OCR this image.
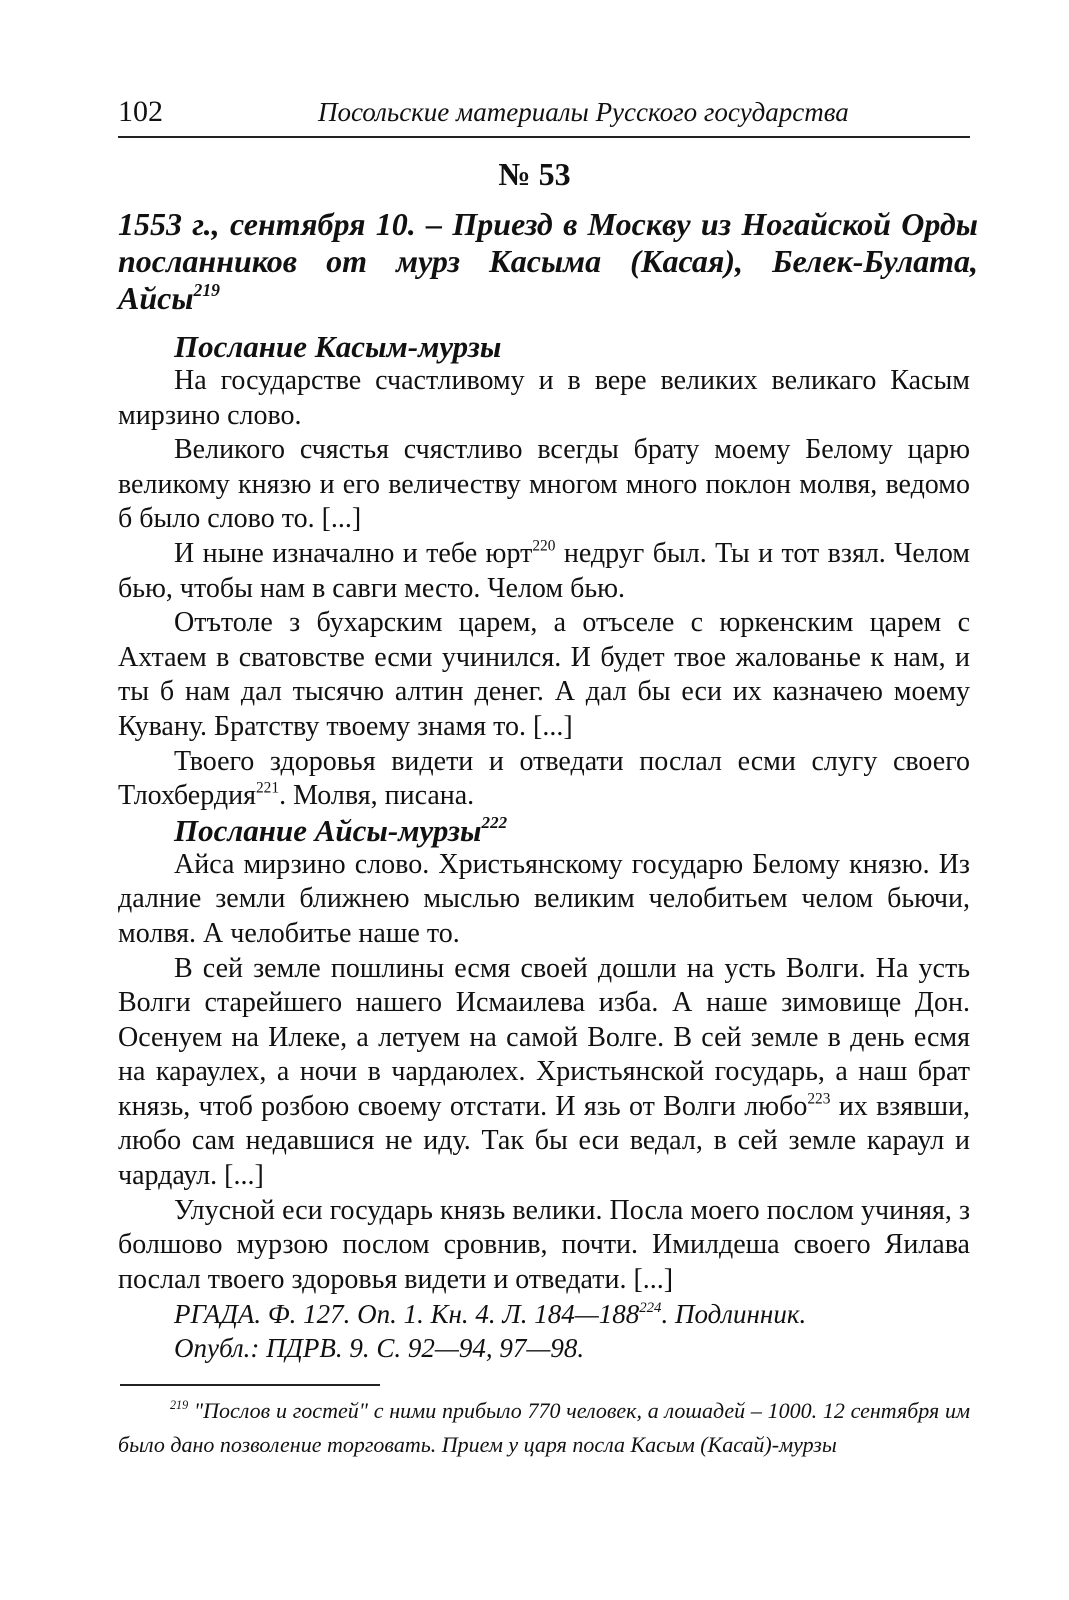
102	Посольские материалы Русского государства
№ 53
1553 г., сентября 10. – Приезд в Москву из Ногайской Орды посланников от мурз Касыма (Касая), Белек-Булата, Айсы$^{219}$
Послание Касым-мурзы

На государстве счастливому и в вере великих великаго Касым мирзино слово.

Великого счястья счястливо всегды брату моему Белому царю великому князю и его величеству многом много поклон молвя, ведомо б было слово то. [...]

И ныне изначално и тебе юрт$^{220}$ недруг был. Ты и тот взял. Челом бью, чтобы нам в савги место. Челом бью.

Отътоле з бухарским царем, а отъселе с юркенским царем с Ахтаем в сватовстве есми учинился. И будет твое жалованье к нам, и ты б нам дал тысячю алтин денег. А дал бы еси их казначею моему Кувану. Братству твоему знамя то. [...]

Твоего здоровья видети и отведати послал есми слугу своего Тлохбердия$^{221}$. Молвя, писана.

Послание Айсы-мурзы$^{222}$

Айса мирзино слово. Христьянскому государю Белому князю. Из далние земли ближнею мыслью великим челобитьем челом бьючи, молвя. А челобитье наше то.

В сей земле пошлины есмя своей дошли на усть Волги. На усть Волги старейшего нашего Исмаилева изба. А наше зимовище Дон. Осенуем на Илеке, а летуем на самой Волге. В сей земле в день есмя на караулех, а ночи в чардаюлех. Христьянской государь, а наш брат князь, чтоб розбою своему отстати. И язь от Волги любо$^{223}$ их взявши, любо сам недавшися не иду. Так бы еси ведал, в сей земле караул и чардаул. [...]

Улусной еси государь князь велики. Посла моего послом учиняя, з болшово мурзою послом сровнив, почти. Имилдеша своего Яилава послал твоего здоровья видети и отведати. [...]

РГАДА. Ф. 127. Оп. 1. Кн. 4. Л. $184—188^{224}$. Подлинник.
Опубл.: ПДРВ. 9. С. 92—94, 97—98.
$^{219}$ "Послов и гостей" с ними прибыло 770 человек, а лошадей – 1000. 12 сентября им было дано позволение торговать. Прием у царя посла Касым (Касай)-мурзы
